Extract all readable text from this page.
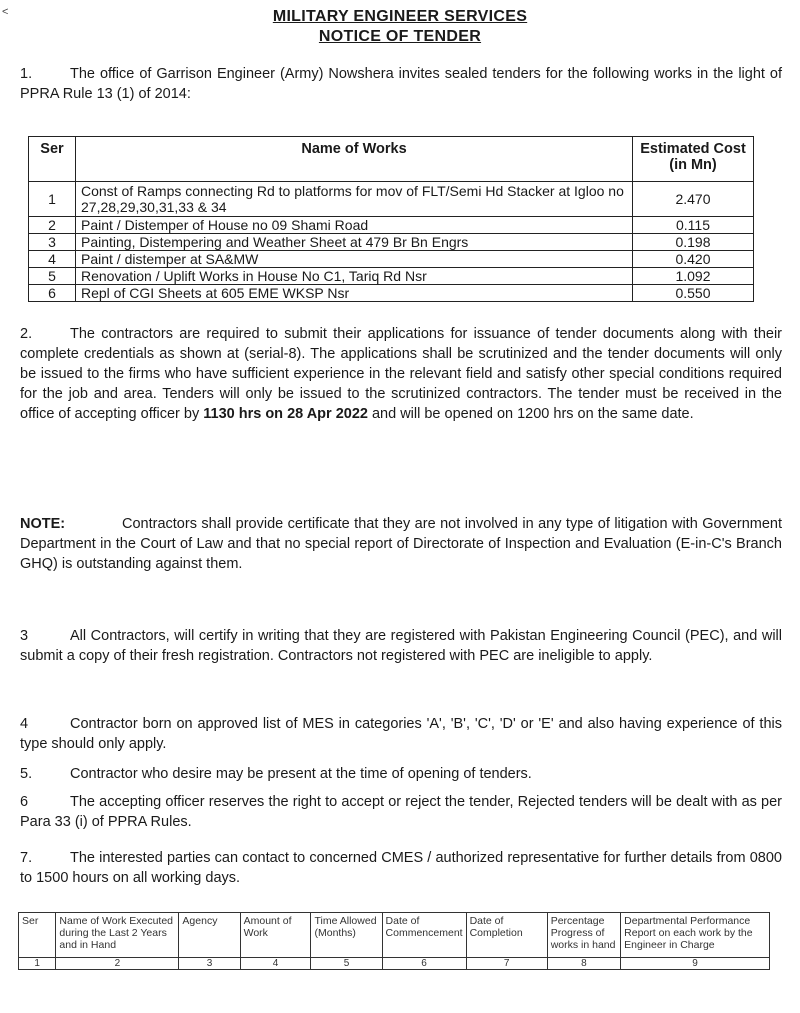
<	MILITARY ENGINEER SERVICES
NOTICE OF TENDER
1.	The office of Garrison Engineer (Army) Nowshera invites sealed tenders for the following works in the light of PPRA Rule 13 (1) of 2014:
Ser	Name of Works	Estimated Cost (in Mn)
1	Const of Ramps connecting Rd to platforms for mov of FLT/Semi Hd Stacker at Igloo no 27,28,29,30,31,33 & 34	2.470
2	Paint / Distemper of House no 09 Shami Road	0.115
3	Painting, Distempering and Weather Sheet at 479 Br Bn Engrs	0.198
4	Paint / distemper at SA&MW	0.420
5	Renovation / Uplift Works in House No C1, Tariq Rd Nsr	1.092
6	Repl of CGI Sheets at 605 EME WKSP Nsr	0.550
2.	The contractors are required to submit their applications for issuance of tender documents along with their complete credentials as shown at (serial-8). The applications shall be scrutinized and the tender documents will only be issued to the firms who have sufficient experience in the relevant field and satisfy other special conditions required for the job and area. Tenders will only be issued to the scrutinized contractors. The tender must be received in the office of accepting officer by 1130 hrs on 28 Apr 2022 and will be opened on 1200 hrs on the same date.
NOTE:	Contractors shall provide certificate that they are not involved in any type of litigation with Government Department in the Court of Law and that no special report of Directorate of Inspection and Evaluation (E-in-C's Branch GHQ) is outstanding against them.
3	All Contractors, will certify in writing that they are registered with Pakistan Engineering Council (PEC), and will submit a copy of their fresh registration. Contractors not registered with PEC are ineligible to apply.
4	Contractor born on approved list of MES in categories 'A', 'B', 'C', 'D' or 'E' and also having experience of this type should only apply.
5.	Contractor who desire may be present at the time of opening of tenders.
6	The accepting officer reserves the right to accept or reject the tender, Rejected tenders will be dealt with as per Para 33 (i) of PPRA Rules.
7.	The interested parties can contact to concerned CMES / authorized representative for further details from 0800 to 1500 hours on all working days.
Ser	Name of Work Executed during the Last 2 Years and in Hand	Agency	Amount of Work	Time Allowed (Months)	Date of Commencement	Date of Completion	Percentage Progress of works in hand	Departmental Performance Report on each work by the Engineer in Charge
1	2	3	4	5	6	7	8	9
